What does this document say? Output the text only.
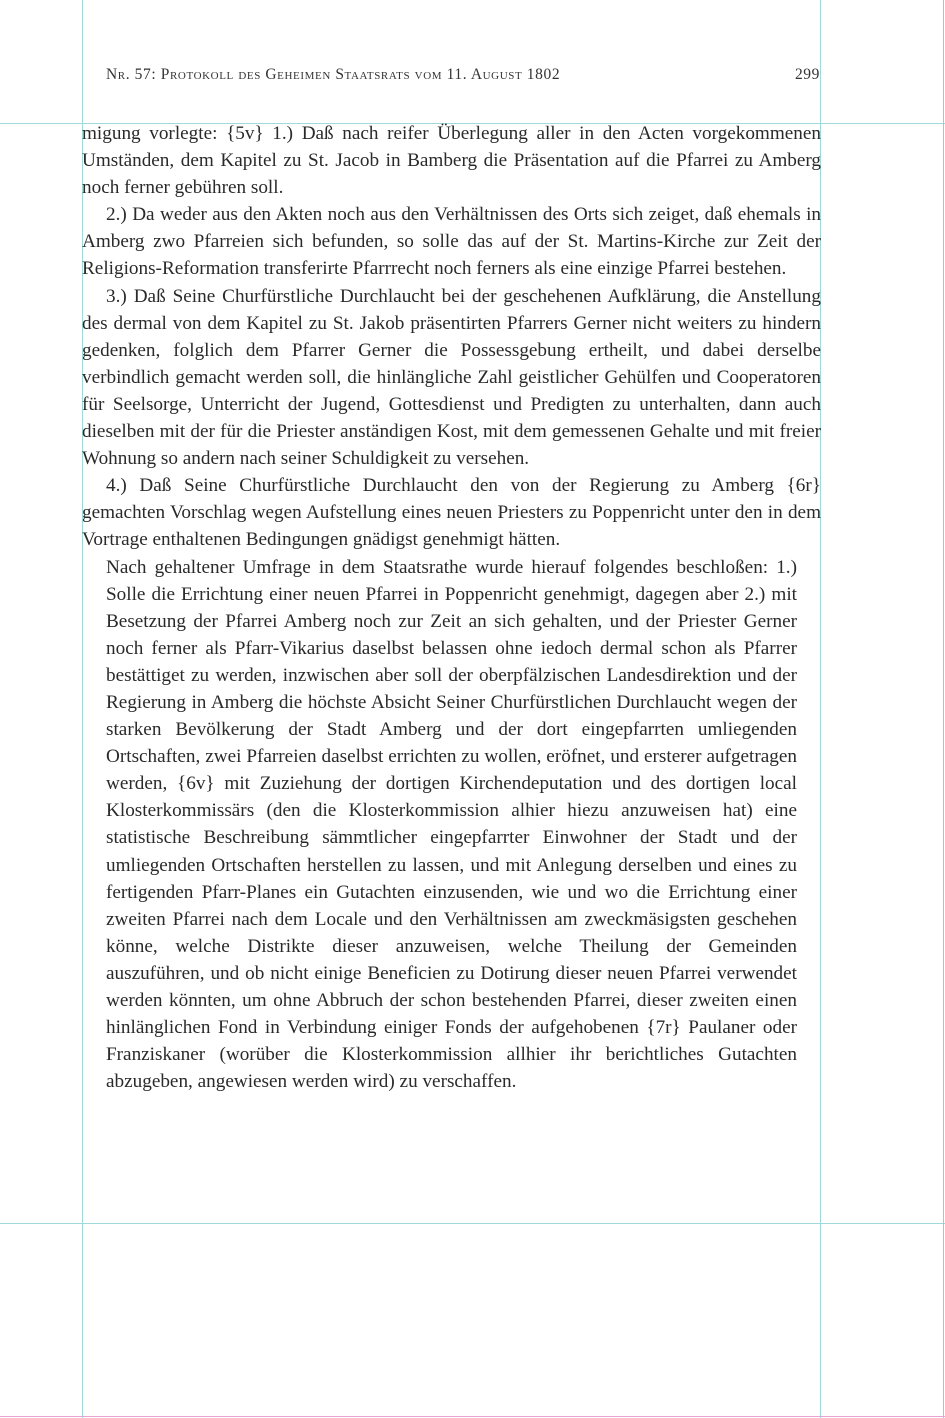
Nr. 57: Protokoll des Geheimen Staatsrats vom 11. August 1802	299

migung vorlegte: {5v} 1.) Daß nach reifer Überlegung aller in den Acten vorgekommenen Umständen, dem Kapitel zu St. Jacob in Bamberg die Präsentation auf die Pfarrei zu Amberg noch ferner gebühren soll.

2.) Da weder aus den Akten noch aus den Verhältnissen des Orts sich zeiget, daß ehemals in Amberg zwo Pfarreien sich befunden, so solle das auf der St. Martins-Kirche zur Zeit der Religions-Reformation transferirte Pfarrrecht noch ferners als eine einzige Pfarrei bestehen.

3.) Daß Seine Churfürstliche Durchlaucht bei der geschehenen Aufklärung, die Anstellung des dermal von dem Kapitel zu St. Jakob präsentirten Pfarrers Gerner nicht weiters zu hindern gedenken, folglich dem Pfarrer Gerner die Possessgebung ertheilt, und dabei derselbe verbindlich gemacht werden soll, die hinlängliche Zahl geistlicher Gehülfen und Cooperatoren für Seelsorge, Unterricht der Jugend, Gottesdienst und Predigten zu unterhalten, dann auch dieselben mit der für die Priester anständigen Kost, mit dem gemessenen Gehalte und mit freier Wohnung so andern nach seiner Schuldigkeit zu versehen.

4.) Daß Seine Churfürstliche Durchlaucht den von der Regierung zu Amberg {6r} gemachten Vorschlag wegen Aufstellung eines neuen Priesters zu Poppenricht unter den in dem Vortrage enthaltenen Bedingungen gnädigst genehmigt hätten.

Nach gehaltener Umfrage in dem Staatsrathe wurde hierauf folgendes beschloßen: 1.) Solle die Errichtung einer neuen Pfarrei in Poppenricht genehmigt, dagegen aber 2.) mit Besetzung der Pfarrei Amberg noch zur Zeit an sich gehalten, und der Priester Gerner noch ferner als Pfarr-Vikarius daselbst belassen ohne iedoch dermal schon als Pfarrer bestättiget zu werden, inzwischen aber soll der oberpfälzischen Landesdirektion und der Regierung in Amberg die höchste Absicht Seiner Churfürstlichen Durchlaucht wegen der starken Bevölkerung der Stadt Amberg und der dort eingepfarrten umliegenden Ortschaften, zwei Pfarreien daselbst errichten zu wollen, eröfnet, und ersterer aufgetragen werden, {6v} mit Zuziehung der dortigen Kirchendeputation und des dortigen local Klosterkommissärs (den die Klosterkommission alhier hiezu anzuweisen hat) eine statistische Beschreibung sämmtlicher eingepfarrter Einwohner der Stadt und der umliegenden Ortschaften herstellen zu lassen, und mit Anlegung derselben und eines zu fertigenden Pfarr-Planes ein Gutachten einzusenden, wie und wo die Errichtung einer zweiten Pfarrei nach dem Locale und den Verhältnissen am zweckmäsigsten geschehen könne, welche Distrikte dieser anzuweisen, welche Theilung der Gemeinden auszuführen, und ob nicht einige Beneficien zu Dotirung dieser neuen Pfarrei verwendet werden könnten, um ohne Abbruch der schon bestehenden Pfarrei, dieser zweiten einen hinlänglichen Fond in Verbindung einiger Fonds der aufgehobenen {7r} Paulaner oder Franziskaner (worüber die Klosterkommission allhier ihr berichtliches Gutachten abzugeben, angewiesen werden wird) zu verschaffen.
